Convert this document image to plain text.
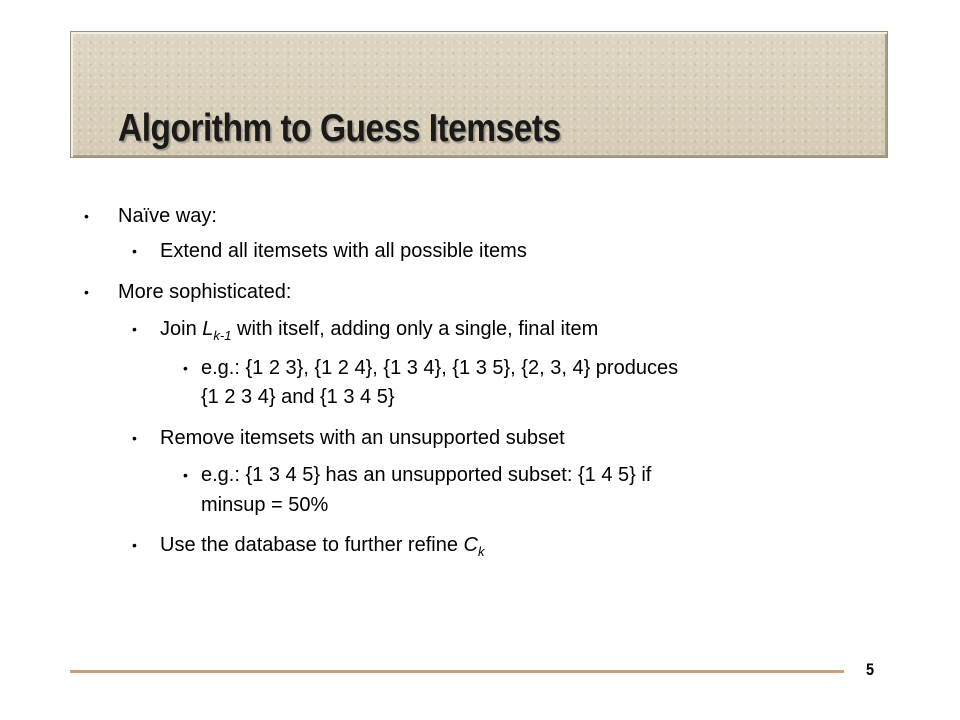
Algorithm to Guess Itemsets
• Naïve way:
• Extend all itemsets with all possible items
• More sophisticated:
• Join $L_{k-1}$ with itself, adding only a single, final item
• e.g.: {1 2 3}, {1 2 4}, {1 3 4}, {1 3 5}, {2, 3, 4} produces
{1 2 3 4} and {1 3 4 5}
• Remove itemsets with an unsupported subset
• e.g.: {1 3 4 5} has an unsupported subset: {1 4 5} if
minsup = 50%
• Use the database to further refine $C_k$
5
